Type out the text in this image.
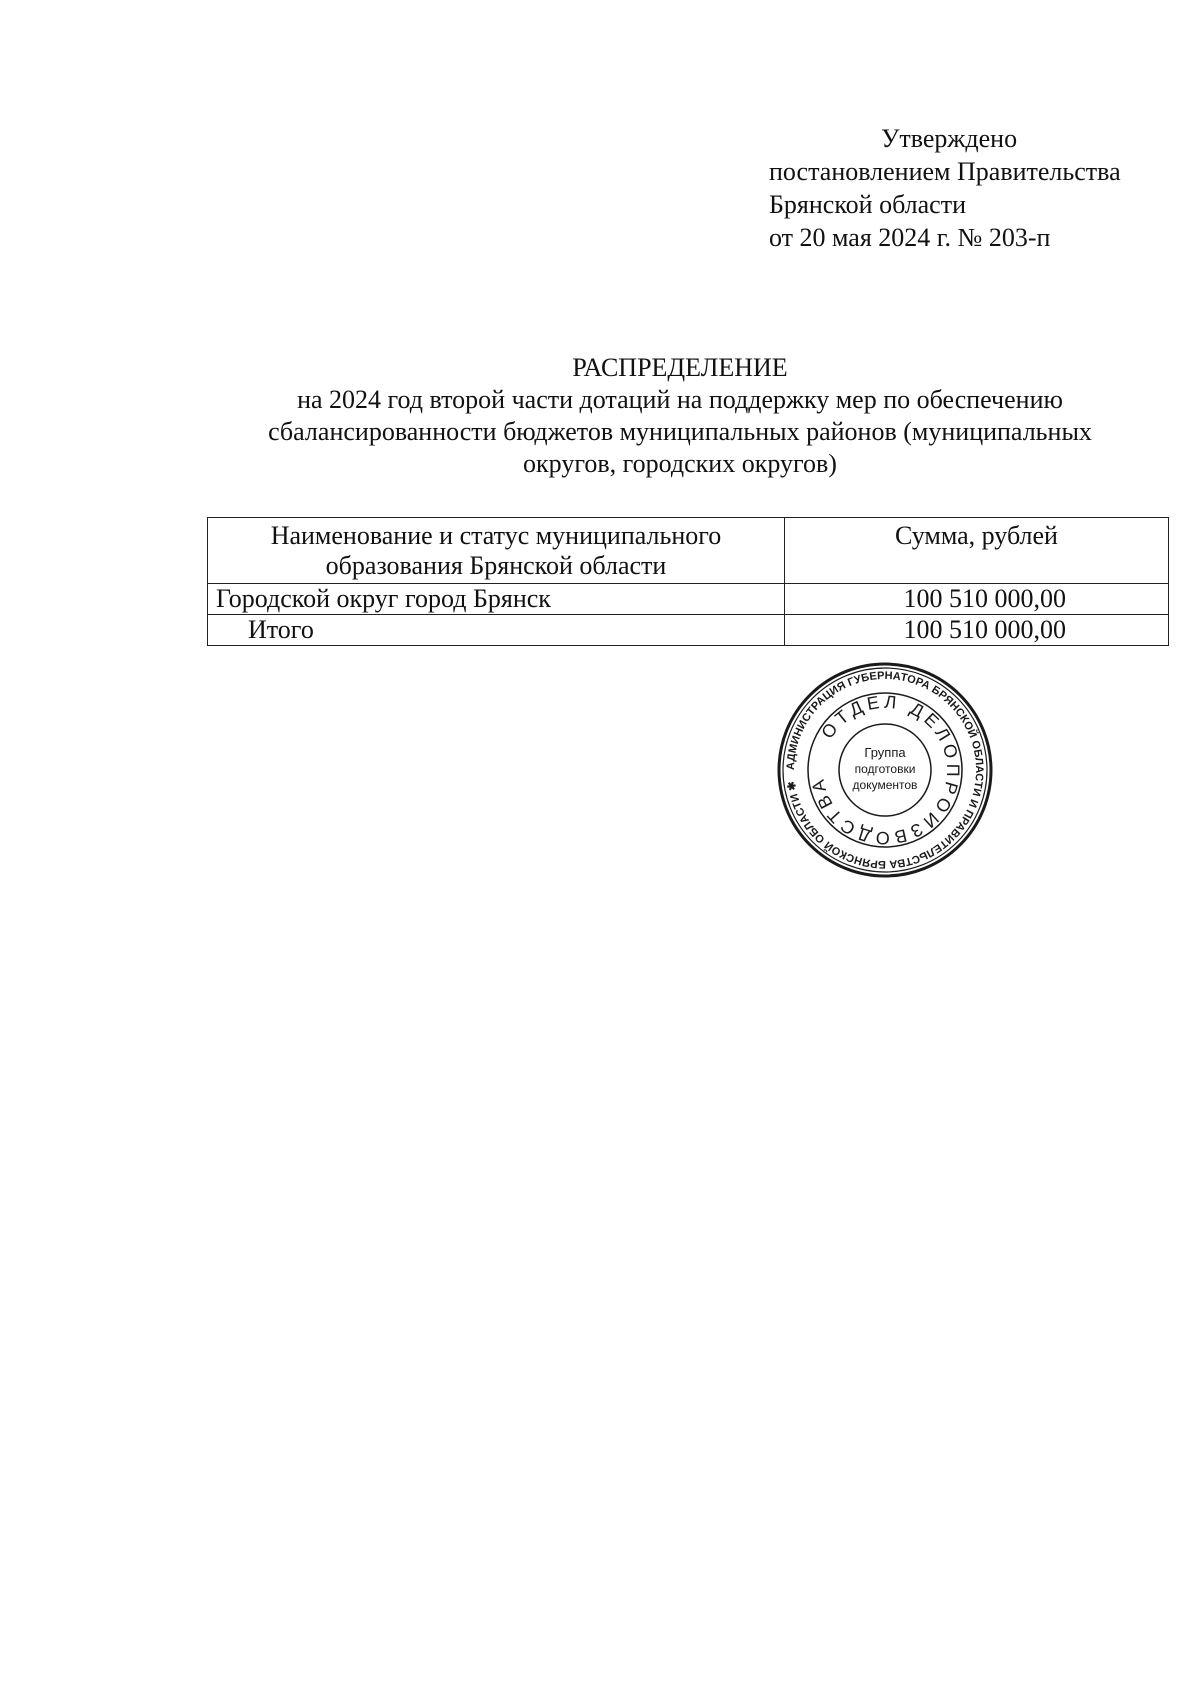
Утверждено
постановлением Правительства
Брянской области
от 20 мая 2024 г. № 203-п
РАСПРЕДЕЛЕНИЕ
на 2024 год второй части дотаций на поддержку мер по обеспечению
сбалансированности бюджетов муниципальных районов (муниципальных
округов, городских округов)
Наименование и статус муниципального
образования Брянской области	Сумма, рублей
Городской округ город Брянск	100 510 000,00
Итого	100 510 000,00
АДМИНИСТРАЦИЯ ГУБЕРНАТОРА БРЯНСКОЙ ОБЛАСТИ И ПРАВИТЕЛЬСТВА БРЯНСКОЙ ОБЛАСТИ ✱
ОТДЕЛ ДЕЛОПРОИЗВОДСТВА
Группа
подготовки
документов
